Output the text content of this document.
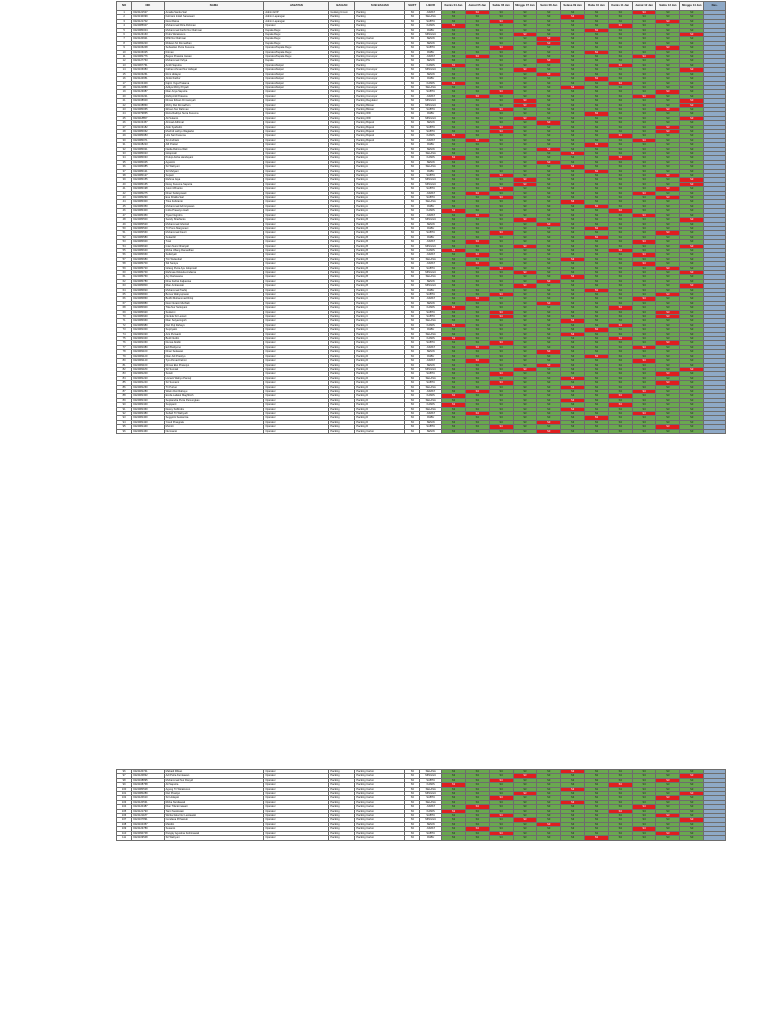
NO	NIK	NAMA	JABATAN	BAGIAN	SUB BAGIAN	SHIFT	LIBUR	Kamis 04 Jan	Jumat 05 Jan	Sabtu 06 Jan	Minggu 07 Jan	Senin 08 Jan	Selasa 09 Jan	Rabu 10 Jan	Kamis 11 Jan	Jumat 12 Jan	Sabtu 13 Jan	Minggu 14 Jan	Des.
1	0224121527	Amalia Santia Sari	Admin EXP	Gudang Umum	Packing	S3	JUMAT	S3	S3	S3	S3	S3	S3	S3	S3	S3	S3	S3	
2	0224130099	Febriani Indah Saraswari	Admin Lapangan	Packing	Packing	S3	SELASA	S3	S3	S3	S3	S3	S3	S3	S3	S3	S3	S3	
3	0224121702	Dewi Ratna	Admin Lapangan	Packing	Packing	S3	SABTU	S3	S3	S3	S3	S3	S3	S3	S3	S3	S3	S3	
4	0224085607	Muhammad Riza Rohman	Operator	Packing	Packing	S3	KAMIS	S3	S3	S3	S3	S3	S3	S3	S3	S3	S3	S3	
5	0224080004	Muhammad Fathir Nur Rahman	Kepala Regu	Packing	Packing	S3	RABU	S3	S3	S3	S3	S3	S3	S3	S3	S3	S3	S3	
6	0224123163	Putra Wicaksono	Kepala Regu	Packing	Packing	S3	MINGGU	S3	S3	S3	S3	S3	S3	S3	S3	S3	S3	S3	
7	0224120921	Rifki Nur Rahman	Kepala Regu	Packing	Packing Carton	S3	SENIN	S3	S3	S3	S3	S3	S3	S3	S3	S3	S3	S3	
8	0224060220	Ridwan Sri Romadhan	Kepala Regu	Packing	Packing Conveyor	S3	SENIN	S3	S3	S3	S3	S3	S3	S3	S3	S3	S3	S3	
9	0224106248	Sebastian Putra Kusuma	Operator/Kepala Regu	Packing	Packing Conveyor	S3	SABTU	S3	S3	S3	S3	S3	S3	S3	S3	S3	S3	S3	
10	0224106025	Firman	Operator/Kepala Regu	Packing	Packing Conveyor	S3	RABU	S3	S3	S3	S3	S3	S3	S3	S3	S3	S3	S3	
11	0224082776	Bagus Prasetia Irawan	Operator/Kepala Regu	Packing	Packing Conveyor	S3	JUMAT	S3	S3	S3	S3	S3	S3	S3	S3	S3	S3	S3	
12	0224127763	Muhammad Yahya	Kepala	Packing	Packing PG	S3	SENIN	S3	S3	S3	S3	S3	S3	S3	S3	S3	S3	S3	
13	0224067761	Andri Saputra	Operator/Helper	Packing	Packing	S3	KAMIS	S3	S3	S3	S3	S3	S3	S3	S3	S3	S3	S3	
14	0224106083	Fathan Ahmad Nur Hidayat	Operator/Helper	Packing	Packing Conveyor	S3	MINGGU	S3	S3	S3	S3	S3	S3	S3	S3	S3	S3	S3	
15	0224103261	Roni Hidayat	Operator/Helper	Packing	Packing Conveyor	S3	SENIN	S3	S3	S3	S3	S3	S3	S3	S3	S3	S3	S3	
16	0224124651	Abdul Fathur	Operator/Helper	Packing	Packing Conveyor	S3	RABU	S3	S3	S3	S3	S3	S3	S3	S3	S3	S3	S3	
17	0224103409	Fajrin Yoga Pratama	Operator/Helper	Packing	Packing Conveyor	S3	KAMIS	S3	S3	S3	S3	S3	S3	S3	S3	S3	S3	S3	
18	0224122880	Aditya Rizky Priyadi	Operator/Helper	Packing	Packing Conveyor	S3	SELASA	S3	S3	S3	S3	S3	S3	S3	S3	S3	S3	S3	
19	0224123087	Dian Anya Saputra	Operator	Packing	Packing Conveyor	S3	SABTU	S3	S3	S3	S3	S3	S3	S3	S3	S3	S3	S3	
20	0224100221	Rafiq Ardi Pratama	Operator	Packing	Packing Conveyor	S3	JUMAT	S3	S3	S3	S3	S3	S3	S3	S3	S3	S3	S3	
21	0224108600	Dimas Ikhsan Firmansyah	Operator	Packing	Packing Regulator	S3	MINGGU	S3	S3	S3	S3	S3	S3	S3	S3	S3	S3	S3	
22	0224108860	Rizky Dwi Romadhon	Operator	Packing	Packing Blower	S3	MINGGU	S3	S3	S3	S3	S3	S3	S3	S3	S3	S3	S3	
23	0224080065	Ikhsan Nur Rahman	Operator	Packing	Packing Blower	S3	SABTU	S3	S3	S3	S3	S3	S3	S3	S3	S3	S3	S3	
24	0224079865	Reza Radityo Sutra Kusuma	Operator	Packing	Packing WD	S3	RABU	S3	S3	S3	S3	S3	S3	S3	S3	S3	S3	S3	
25	0224118857	Ali Sutanto	Operator	Packing	Packing WD	S3	MINGGU	S3	S3	S3	S3	S3	S3	S3	S3	S3	S3	S3	
26	0224103457	Ahmad Adhimal	Operator	Packing	Packing Bojesti	S3	SENIN	S3	S3	S3	S3	S3	S3	S3	S3	S3	S3	S3	
27	0224103182	Aldo Syafiudin	Operator	Packing	Packing Bojesti	S3	SABTU	S3	S3	S3	S3	S3	S3	S3	S3	S3	S3	S3	
28	0224080062	Muchdi Lathyo Wagiarko	Operator	Packing	Packing Bojesti	S3	SABTU	S3	S3	S3	S3	S3	S3	S3	S3	S3	S3	S3	
29	0224080083	Lilis Sari Kusuma	Operator	Packing	Packing Bojesti	S3	KAMIS	S3	S3	S3	S3	S3	S3	S3	S3	S3	S3	S3	
30	0224080071	Sri Andriani	Operator	Packing	Packing Bojesti	S3	JUMAT	S3	S3	S3	S3	S3	S3	S3	S3	S3	S3	S3	
31	0224108223	Alfi Pratiwi	Operator	Packing	Packing A	S3	RABU	S3	S3	S3	S3	S3	S3	S3	S3	S3	S3	S3	
32	0224080021	Nadia Rahma Wati	Operator	Packing	Packing A	S3	SENIN	S3	S3	S3	S3	S3	S3	S3	S3	S3	S3	S3	
33	0224080023	Istiqomah	Operator	Packing	Packing A	S3	SELASA	S3	S3	S3	S3	S3	S3	S3	S3	S3	S3	S3	
34	0224080033	Pulupi Astha Handayani	Operator	Packing	Packing A	S3	KAMIS	S3	S3	S3	S3	S3	S3	S3	S3	S3	S3	S3	
35	0224080045	Agustini	Operator	Packing	Packing A	S3	SENIN	S3	S3	S3	S3	S3	S3	S3	S3	S3	S3	S3	
36	0224080085	Sri Wahyuni	Operator	Packing	Packing A	S3	SELASA	S3	S3	S3	S3	S3	S3	S3	S3	S3	S3	S3	
37	0224080121	Sri Mulyani	Operator	Packing	Packing A	S3	RABU	S3	S3	S3	S3	S3	S3	S3	S3	S3	S3	S3	
38	0224080127	Supani	Operator	Packing	Packing A	S3	SABTU	S3	S3	S3	S3	S3	S3	S3	S3	S3	S3	S3	
39	0224080155	Rahma Jaya	Operator	Packing	Packing A	S3	MINGGU	S3	S3	S3	S3	S3	S3	S3	S3	S3	S3	S3	
40	0224080165	Dewy Kusuma Saputra	Operator	Packing	Packing A	S3	MINGGU	S3	S3	S3	S3	S3	S3	S3	S3	S3	S3	S3	
41	0224080198	Jusmi Winanto	Operator	Packing	Packing A	S3	SABTU	S3	S3	S3	S3	S3	S3	S3	S3	S3	S3	S3	
42	0224080275	Dinar Sulistyowati	Operator	Packing	Packing A	S3	JUMAT	S3	S3	S3	S3	S3	S3	S3	S3	S3	S3	S3	
43	0224080290	Eva Khalila Sari	Operator	Packing	Packing A	S3	SABTU	S3	S3	S3	S3	S3	S3	S3	S3	S3	S3	S3	
44	0224080300	Titus Febrianto	Operator	Packing	Packing A	S3	SELASA	S3	S3	S3	S3	S3	S3	S3	S3	S3	S3	S3	
45	0224080350	Muhammad Adi Hiyawan	Operator	Packing	Packing A	S3	RABU	S3	S3	S3	S3	S3	S3	S3	S3	S3	S3	S3	
46	0224080400	Indra Prasetyo Hadi	Operator	Packing	Packing A	S3	KAMIS	S3	S3	S3	S3	S3	S3	S3	S3	S3	S3	S3	
47	0224080450	Tiyas Nugroho	Operator	Packing	Packing A	S3	JUMAT	S3	S3	S3	S3	S3	S3	S3	S3	S3	S3	S3	
48	0224080500	Sandy Sharfianto	Operator	Packing	Packing B	S3	MINGGU	S3	S3	S3	S3	S3	S3	S3	S3	S3	S3	S3	
49	0224080520	Muhammad Ghozali	Operator	Packing	Packing B	S3	SENIN	S3	S3	S3	S3	S3	S3	S3	S3	S3	S3	S3	
50	0224080540	Tri Pono Margonani	Operator	Packing	Packing B	S3	RABU	S3	S3	S3	S3	S3	S3	S3	S3	S3	S3	S3	
51	0224080560	Muhammad Fauzi	Operator	Packing	Packing B	S3	SABTU	S3	S3	S3	S3	S3	S3	S3	S3	S3	S3	S3	
52	0224080580	Sukardiri	Operator	Packing	Packing B	S3	RABU	S3	S3	S3	S3	S3	S3	S3	S3	S3	S3	S3	
53	0224080600	Tuwi	Operator	Packing	Packing B	S3	JUMAT	S3	S3	S3	S3	S3	S3	S3	S3	S3	S3	S3	
54	0224080620	Intan Nurul Ithariyah	Operator	Packing	Packing B	S3	MINGGU	S3	S3	S3	S3	S3	S3	S3	S3	S3	S3	S3	
55	0224080640	Rizka Ulfang Ramadhan	Operator	Packing	Packing B	S3	KAMIS	S3	S3	S3	S3	S3	S3	S3	S3	S3	S3	S3	
56	0224080660	Sulistiyah	Operator	Packing	Packing B	S3	JUMAT	S3	S3	S3	S3	S3	S3	S3	S3	S3	S3	S3	
57	0224080680	Tini Wulandari	Operator	Packing	Packing B	S3	SELASA	S3	S3	S3	S3	S3	S3	S3	S3	S3	S3	S3	
58	0224080700	Siti Seniya	Operator	Packing	Packing B	S3	JUMAT	S3	S3	S3	S3	S3	S3	S3	S3	S3	S3	S3	
59	0224080720	Gilang Putra Ayu Istiqomah	Operator	Packing	Packing B	S3	SABTU	S3	S3	S3	S3	S3	S3	S3	S3	S3	S3	S3	
60	0224080740	Rahmaa Oktavita Andarna	Operator	Packing	Packing B	S3	MINGGU	S3	S3	S3	S3	S3	S3	S3	S3	S3	S3	S3	
61	0224080760	Ary Dartawana	Operator	Packing	Packing B	S3	SELASA	S3	S3	S3	S3	S3	S3	S3	S3	S3	S3	S3	
62	0224080780	Dina Farhat Fajkanisa	Operator	Packing	Packing B	S3	SENIN	S3	S3	S3	S3	S3	S3	S3	S3	S3	S3	S3	
63	0224080800	Rian Ambarwati	Operator	Packing	Packing B	S3	MINGGU	S3	S3	S3	S3	S3	S3	S3	S3	S3	S3	S3	
64	0224080820	Muhammad Taufiq	Operator	Packing	Packing C	S3	RABU	S3	S3	S3	S3	S3	S3	S3	S3	S3	S3	S3	
65	0224080840	Bonus Wahyuprasto	Operator	Packing	Packing C	S3	SABTU	S3	S3	S3	S3	S3	S3	S3	S3	S3	S3	S3	
66	0224080860	Budhi Muhammad Rizqi	Operator	Packing	Packing C	S3	JUMAT	S3	S3	S3	S3	S3	S3	S3	S3	S3	S3	S3	
67	0224080880	Desi Nuraini Muthiah	Operator	Packing	Packing C	S3	SENIN	S3	S3	S3	S3	S3	S3	S3	S3	S3	S3	S3	
68	0224080900	Tika Nur Sulistyani	Operator	Packing	Packing C	S3	KAMIS	S3	S3	S3	S3	S3	S3	S3	S3	S3	S3	S3	
69	0224080920	Sudarmi	Operator	Packing	Packing C	S3	SABTU	S3	S3	S3	S3	S3	S3	S3	S3	S3	S3	S3	
70	0224080940	Nurlela Sri Lestari	Operator	Packing	Packing C	S3	SABTU	S3	S3	S3	S3	S3	S3	S3	S3	S3	S3	S3	
71	0224080960	Dian Setyaningsih	Operator	Packing	Packing C	S3	SELASA	S3	S3	S3	S3	S3	S3	S3	S3	S3	S3	S3	
72	0224080980	Dwi Puji Rahayu	Operator	Packing	Packing C	S3	KAMIS	S3	S3	S3	S3	S3	S3	S3	S3	S3	S3	S3	
73	0224081000	Supriyatin	Operator	Packing	Packing C	S3	RABU	S3	S3	S3	S3	S3	S3	S3	S3	S3	S3	S3	
74	0224081020	Aris Purwanti	Operator	Packing	Packing C	S3	SELASA	S3	S3	S3	S3	S3	S3	S3	S3	S3	S3	S3	
75	0224081040	Budi Nurdin	Operator	Packing	Packing C	S3	KAMIS	S3	S3	S3	S3	S3	S3	S3	S3	S3	S3	S3	
76	0224081060	Dumai Abidin	Operator	Packing	Packing C	S3	SABTU	S3	S3	S3	S3	S3	S3	S3	S3	S3	S3	S3	
77	0224081080	Edi Budiyono	Operator	Packing	Packing C	S3	JUMAT	S3	S3	S3	S3	S3	S3	S3	S3	S3	S3	S3	
78	0224081100	Dinar Setiawan	Operator	Packing	Packing C	S3	SENIN	S3	S3	S3	S3	S3	S3	S3	S3	S3	S3	S3	
79	0224081120	Dian Adi Prastiyo	Operator	Packing	Packing D	S3	RABU	S3	S3	S3	S3	S3	S3	S3	S3	S3	S3	S3	
80	0224081140	Tyo Ahmad Fahmi	Operator	Packing	Packing D	S3	JUMAT	S3	S3	S3	S3	S3	S3	S3	S3	S3	S3	S3	
81	0224081160	Dimas Eko Prasetyo	Operator	Packing	Packing D	S3	SENIN	S3	S3	S3	S3	S3	S3	S3	S3	S3	S3	S3	
82	0224081180	Sri Sumiati	Operator	Packing	Packing D	S3	MINGGU	S3	S3	S3	S3	S3	S3	S3	S3	S3	S3	S3	
83	0224081200	Suwiti	Operator	Packing	Packing D	S3	SABTU	S3	S3	S3	S3	S3	S3	S3	S3	S3	S3	S3	
84	0224081220	Lisnani Wahyu Pamuji	Operator	Packing	Packing D	S3	SELASA	S3	S3	S3	S3	S3	S3	S3	S3	S3	S3	S3	
85	0224081240	Sri Sumarni	Operator	Packing	Packing D	S3	SABTU	S3	S3	S3	S3	S3	S3	S3	S3	S3	S3	S3	
86	0224081260	Tri Purtuo	Operator	Packing	Packing D	S3	SELASA	S3	S3	S3	S3	S3	S3	S3	S3	S3	S3	S3	
87	0224081280	Wiwin Dwi Rahayu	Operator	Packing	Packing D	S3	JUMAT	S3	S3	S3	S3	S3	S3	S3	S3	S3	S3	S3	
88	0224081300	Erella Lailatul Maghfiroh	Operator	Packing	Packing D	S3	KAMIS	S3	S3	S3	S3	S3	S3	S3	S3	S3	S3	S3	
89	0224081320	Septiandra Putra Pamungkas	Operator	Packing	Packing D	S3	SELASA	S3	S3	S3	S3	S3	S3	S3	S3	S3	S3	S3	
90	0224081340	Supiyanti	Operator	Packing	Packing D	S3	KAMIS	S3	S3	S3	S3	S3	S3	S3	S3	S3	S3	S3	
91	0224081360	Dessy Sulfindra	Operator	Packing	Packing D	S3	SELASA	S3	S3	S3	S3	S3	S3	S3	S3	S3	S3	S3	
92	0224081380	Subah Tri Wahyudi	Operator	Packing	Packing D	S3	JUMAT	S3	S3	S3	S3	S3	S3	S3	S3	S3	S3	S3	
93	0224081400	Seggotni Seokarnia	Operator	Packing	Packing D	S3	RABU	S3	S3	S3	S3	S3	S3	S3	S3	S3	S3	S3	
94	0224081420	Yusuf Prasgratu	Operator	Packing	Packing D	S3	SENIN	S3	S3	S3	S3	S3	S3	S3	S3	S3	S3	S3	
95	0224081440	Murniti	Operator	Packing	Packing D	S3	SABTU	S3	S3	S3	S3	S3	S3	S3	S3	S3	S3	S3	
96	0224081460	Nurmanto	Operator	Packing	Packing Carton	S3	SENIN	S3	S3	S3	S3	S3	S3	S3	S3	S3	S3	S3	
96	0224120741	Mahadi Rifsan	Operator	Packing	Packing Carton	S3	SELASA	S3	S3	S3	S3	S3	S3	S3	S3	S3	S3	S3	
97	0224120832	Adi Putra Kurniawan	Operator	Packing	Packing Carton	S3	MINGGU	S3	S3	S3	S3	S3	S3	S3	S3	S3	S3	S3	
98	0224108895	Muhammad Nur Rosyid	Operator	Packing	Packing Carton	S3	SABTU	S3	S3	S3	S3	S3	S3	S3	S3	S3	S3	S3	
99	0224108768	Ali Saputra	Operator	Packing	Packing Carton	S3	KAMIS	S3	S3	S3	S3	S3	S3	S3	S3	S3	S3	S3	
100	0224080528	Agung Tri Wicaksono	Operator	Packing	Packing Carton	S3	SELASA	S3	S3	S3	S3	S3	S3	S3	S3	S3	S3	S3	
101	0224080289	Dwi Prastiyo	Operator	Packing	Packing Carton	S3	MINGGU	S3	S3	S3	S3	S3	S3	S3	S3	S3	S3	S3	
102	0224120610	Sri Hidayati	Operator	Packing	Packing Carton	S3	SABTU	S3	S3	S3	S3	S3	S3	S3	S3	S3	S3	S3	
103	0224120531	Rizka Nurdiawati	Operator	Packing	Packing Carton	S3	SELASA	S3	S3	S3	S3	S3	S3	S3	S3	S3	S3	S3	
104	0224120487	Dian Tifa Ermawati	Operator	Packing	Packing Carton	S3	JUMAT	S3	S3	S3	S3	S3	S3	S3	S3	S3	S3	S3	
105	0224121793	Tarni Susilowati	Operator	Packing	Packing Carton	S3	KAMIS	S3	S3	S3	S3	S3	S3	S3	S3	S3	S3	S3	
106	0224121187	Wicitar Eka Nur Lestiawati	Operator	Packing	Packing Carton	S3	SABTU	S3	S3	S3	S3	S3	S3	S3	S3	S3	S3	S3	
107	0224107891	Cendana Prihastuti	Operator	Packing	Packing Carton	S3	MINGGU	S3	S3	S3	S3	S3	S3	S3	S3	S3	S3	S3	
108	0224104357	Maridin	Operator	Packing	Packing Carton	S3	SENIN	S3	S3	S3	S3	S3	S3	S3	S3	S3	S3	S3	
109	0224123789	Susanto	Operator	Packing	Packing Carton	S3	JUMAT	S3	S3	S3	S3	S3	S3	S3	S3	S3	S3	S3	
110	0224090748	Pangky Agustina Febrinawati	Operator	Packing	Packing Carton	S3	SABTU	S3	S3	S3	S3	S3	S3	S3	S3	S3	S3	S3	
111	0224109548	Sri Wahyuni	Operator	Packing	Packing Carton	S3	RABU	S3	S3	S3	S3	S3	S3	S3	S3	S3	S3	S3	
